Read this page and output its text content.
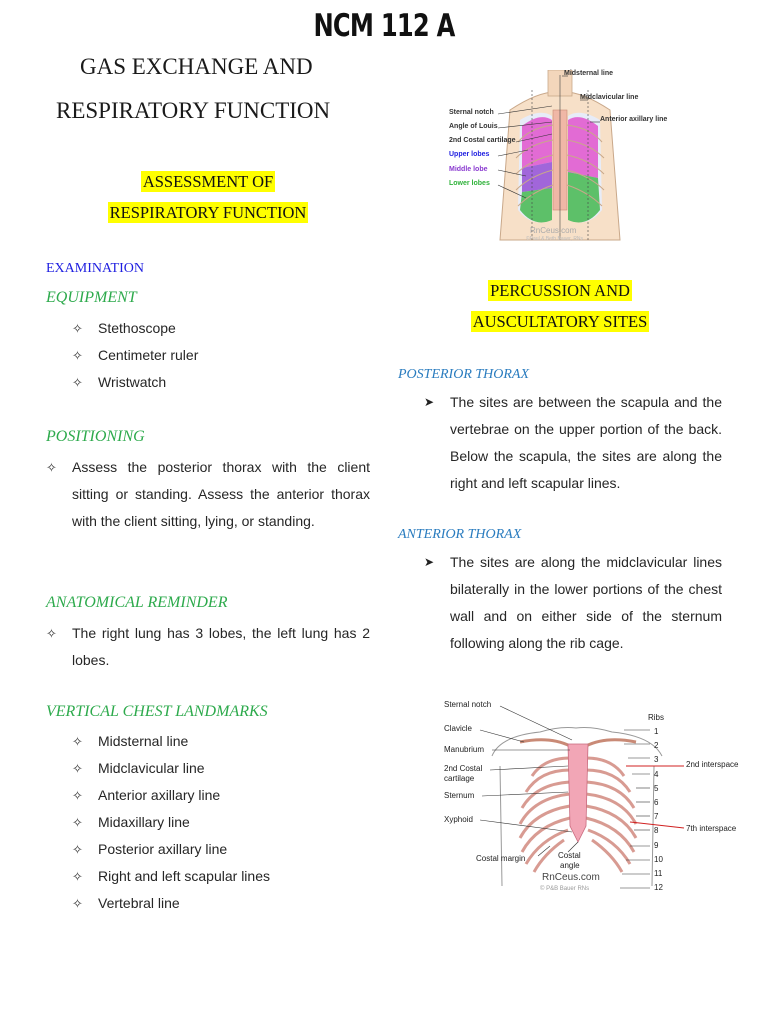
NCM 112 A
GAS EXCHANGE AND
RESPIRATORY FUNCTION
ASSESSMENT OF
RESPIRATORY FUNCTION
EXAMINATION
EQUIPMENT
✧ Stethoscope
✧ Centimeter ruler
✧ Wristwatch
POSITIONING
✧ Assess the posterior thorax with the client sitting or standing. Assess the anterior thorax with the client sitting, lying, or standing.
ANATOMICAL REMINDER
✧ The right lung has 3 lobes, the left lung has 2 lobes.
VERTICAL CHEST LANDMARKS
✧ Midsternal line
✧ Midclavicular line
✧ Anterior axillary line
✧ Midaxillary line
✧ Posterior axillary line
✧ Right and left scapular lines
✧ Vertebral line
Midsternal line
Midclavicular line
Anterior axillary line
Sternal notch
Angle of Louis
2nd Costal cartilage
Upper lobes
Middle lobe
Lower lobes
RnCeus.com
©Paul & Beth Bauer, RNs
PERCUSSION AND
AUSCULTATORY SITES
POSTERIOR THORAX
➤ The sites are between the scapula and the vertebrae on the upper portion of the back. Below the scapula, the sites are along the right and left scapular lines.
ANTERIOR THORAX
➤ The sites are along the midclavicular lines bilaterally in the lower portions of the chest wall and on either side of the sternum following along the rib cage.
Sternal notch
Clavicle
Manubrium
2nd Costal
cartilage
Sternum
Xyphoid
Costal margin	Costal
angle
Ribs
2nd interspace
7th interspace
1
2
3
4
5
6
7
8
9
10
11
12
RnCeus.com
© P&B Bauer RNs
